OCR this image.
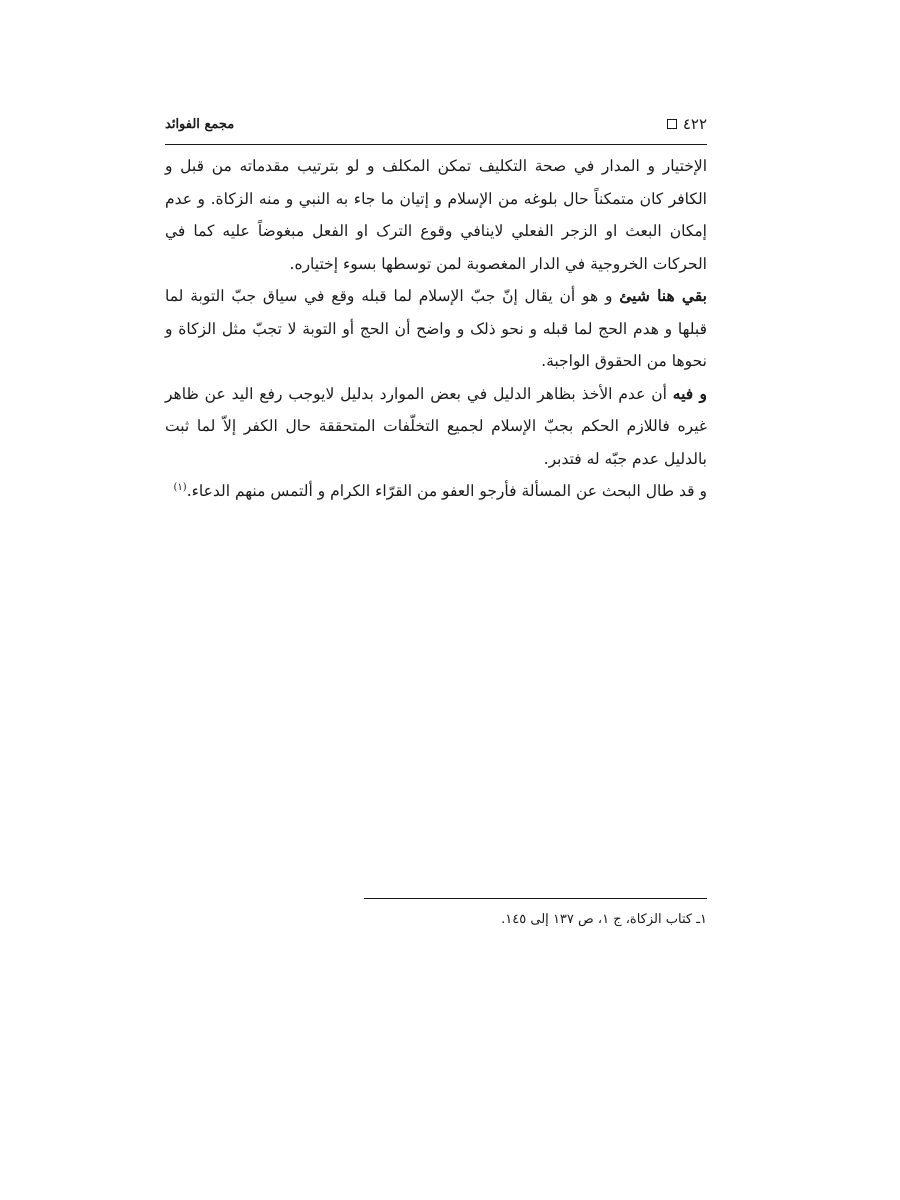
٤٢٢
مجمع الفوائد

الإختيار و المدار في صحة التكليف تمكن المكلف و لو بترتيب مقدماته من قبل و الكافر كان متمكناً حال بلوغه من الإسلام و إتيان ما جاء به النبي و منه الزكاة. و عدم إمكان البعث او الزجر الفعلي لاينافي وقوع الترک او الفعل مبغوضاً عليه کما في الحرکات الخروجية في الدار المغصوبة لمن توسطها بسوء إختياره.

بقي هنا شيئ و هو أن يقال إنّ جبّ الإسلام لما قبله وقع في سياق جبّ التوبة لما قبلها و هدم الحج لما قبله و نحو ذلک و واضح أن الحج أو التوبة لا تجبّ مثل الزکاة و نحوها من الحقوق الواجبة.

و فيه أن عدم الأخذ بظاهر الدليل في بعض الموارد بدليل لايوجب رفع اليد عن ظاهر غيره فاللازم الحکم بجبّ الإسلام لجميع التخلّفات المتحققة حال الکفر إلاّ لما ثبت بالدليل عدم جبّه له فتدبر.

و قد طال البحث عن المسألة فأرجو العفو من القرّاء الكرام و ألتمس منهم الدعاء.$^{(١)}$

١ـ كتاب الزكاة، ج ١، ص ١٣٧ إلى ١٤٥.
